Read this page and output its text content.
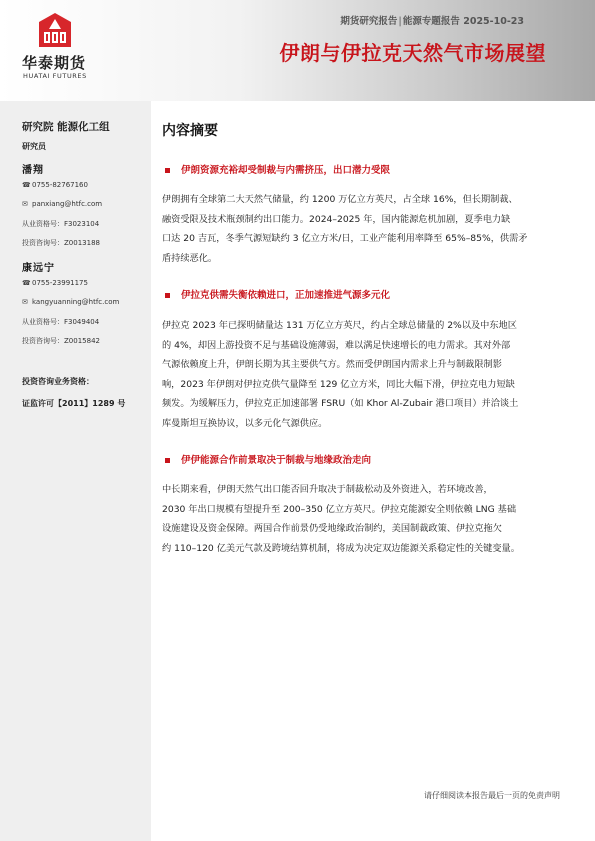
华泰期货
HUATAI FUTURES
期货研究报告|能源专题报告 2025-10-23
伊朗与伊拉克天然气市场展望
研究院 能源化工组
研究员
潘翔
☎0755-82767160
✉ panxiang@htfc.com
从业资格号：F3023104
投资咨询号：Z0013188
康远宁
☎0755-23991175
✉ kangyuanning@htfc.com
从业资格号：F3049404
投资咨询号：Z0015842
投资咨询业务资格：
证监许可【2011】1289 号
内容摘要
伊朗资源充裕却受制裁与内需挤压，出口潜力受限
伊朗拥有全球第二大天然气储量，约 1200 万亿立方英尺，占全球 16%，但长期制裁、
融资受限及技术瓶颈制约出口能力。2024–2025 年，国内能源危机加剧，夏季电力缺
口达 20 吉瓦，冬季气源短缺约 3 亿立方米/日，工业产能利用率降至 65%–85%，供需矛
盾持续恶化。
伊拉克供需失衡依赖进口，正加速推进气源多元化
伊拉克 2023 年已探明储量达 131 万亿立方英尺，约占全球总储量的 2%以及中东地区
的 4%，却因上游投资不足与基础设施薄弱，难以满足快速增长的电力需求。其对外部
气源依赖度上升，伊朗长期为其主要供气方。然而受伊朗国内需求上升与制裁限制影
响，2023 年伊朗对伊拉克供气量降至 129 亿立方米，同比大幅下滑，伊拉克电力短缺
频发。为缓解压力，伊拉克正加速部署 FSRU（如 Khor Al-Zubair 港口项目）并洽谈土
库曼斯坦互换协议，以多元化气源供应。
伊伊能源合作前景取决于制裁与地缘政治走向
中长期来看，伊朗天然气出口能否回升取决于制裁松动及外资进入，若环境改善，
2030 年出口规模有望提升至 200–350 亿立方英尺。伊拉克能源安全则依赖 LNG 基础
设施建设及资金保障。两国合作前景仍受地缘政治制约，美国制裁政策、伊拉克拖欠
约 110–120 亿美元气款及跨境结算机制，将成为决定双边能源关系稳定性的关键变量。
请仔细阅读本报告最后一页的免责声明
